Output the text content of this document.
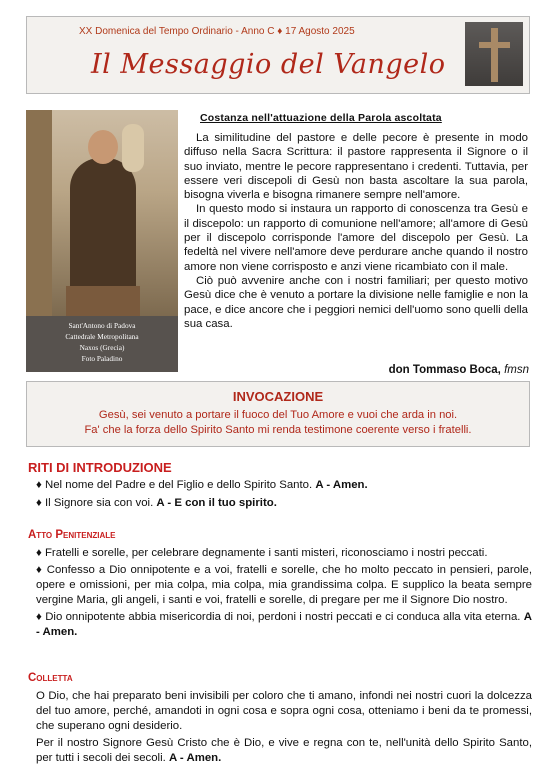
XX Domenica del Tempo Ordinario - Anno C ♦ 17 Agosto 2025
Il Messaggio del Vangelo
Sant'Antono di Padova
Cattedrale Metropolitana
Naxos (Grecia)
Foto Paladino
Costanza nell'attuazione della Parola ascoltata

La similitudine del pastore e delle pecore è presente in modo diffuso nella Sacra Scrittura: il pastore rappresenta il Signore o il suo inviato, mentre le pecore rappresentano i credenti. Tuttavia, per essere veri discepoli di Gesù non basta ascoltare la sua parola, bisogna viverla e bisogna rimanere sempre nell'amore.

In questo modo si instaura un rapporto di conoscenza tra Gesù e il discepolo: un rapporto di comunione nell'amore; all'amore di Gesù per il discepolo corrisponde l'amore del discepolo per Gesù. La fedeltà nel vivere nell'amore deve perdurare anche quando il nostro amore non viene corrisposto e anzi viene ricambiato con il male.

Ciò può avvenire anche con i nostri familiari; per questo motivo Gesù dice che è venuto a portare la divisione nelle famiglie e non la pace, e dice ancore che i peggiori nemici dell'uomo sono quelli della sua casa.

don Tommaso Boca, fmsn
INVOCAZIONE
Gesù, sei venuto a portare il fuoco del Tuo Amore e vuoi che arda in noi.
Fa' che la forza dello Spirito Santo mi renda testimone coerente verso i fratelli.
RITI DI INTRODUZIONE
♦ Nel nome del Padre e del Figlio e dello Spirito Santo. A - Amen.
♦ Il Signore sia con voi. A - E con il tuo spirito.
Atto Penitenziale
♦ Fratelli e sorelle, per celebrare degnamente i santi misteri, riconosciamo i nostri peccati.
♦ Confesso a Dio onnipotente e a voi, fratelli e sorelle, che ho molto peccato in pensieri, parole, opere e omissioni, per mia colpa, mia colpa, mia grandissima colpa. E supplico la beata sempre vergine Maria, gli angeli, i santi e voi, fratelli e sorelle, di pregare per me il Signore Dio nostro.
♦ Dio onnipotente abbia misericordia di noi, perdoni i nostri peccati e ci conduca alla vita eterna. A - Amen.
Colletta
O Dio, che hai preparato beni invisibili per coloro che ti amano, infondi nei nostri cuori la dolcezza del tuo amore, perché, amandoti in ogni cosa e sopra ogni cosa, otteniamo i beni da te promessi, che superano ogni desiderio.
Per il nostro Signore Gesù Cristo che è Dio, e vive e regna con te, nell'unità dello Spirito Santo, per tutti i secoli dei secoli. A - Amen.
